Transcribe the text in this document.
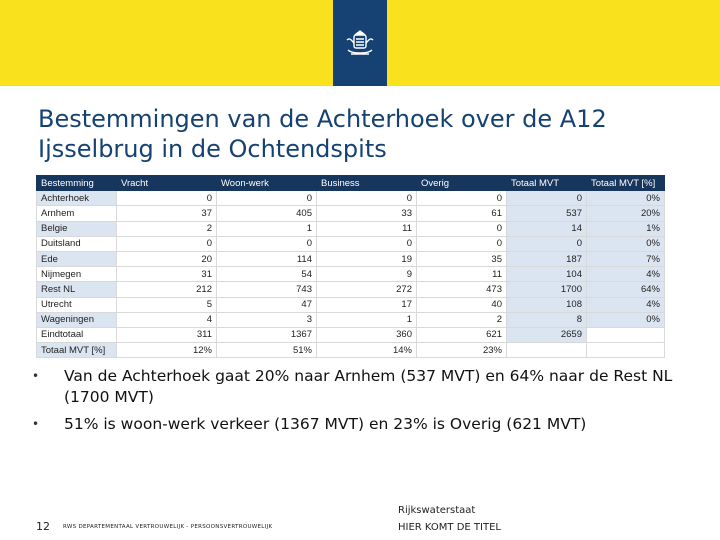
Bestemmingen van de Achterhoek over de A12
Ijsselbrug in de Ochtendspits
Bestemming	Vracht	Woon-werk	Business	Overig	Totaal MVT	Totaal MVT [%]
Achterhoek	0	0	0	0	0	0%
Arnhem	37	405	33	61	537	20%
Belgie	2	1	11	0	14	1%
Duitsland	0	0	0	0	0	0%
Ede	20	114	19	35	187	7%
Nijmegen	31	54	9	11	104	4%
Rest NL	212	743	272	473	1700	64%
Utrecht	5	47	17	40	108	4%
Wageningen	4	3	1	2	8	0%
Eindtotaal	311	1367	360	621	2659	
Totaal MVT [%]	12%	51%	14%	23%		
• Van de Achterhoek gaat 20% naar Arnhem (537 MVT) en 64% naar de Rest NL (1700 MVT)
• 51% is woon-werk verkeer (1367 MVT) en 23% is Overig (621 MVT)
12 RWS DEPARTEMENTAAL VERTROUWELIJK - PERSOONSVERTROUWELIJK
Rijkswaterstaat
HIER KOMT DE TITEL
